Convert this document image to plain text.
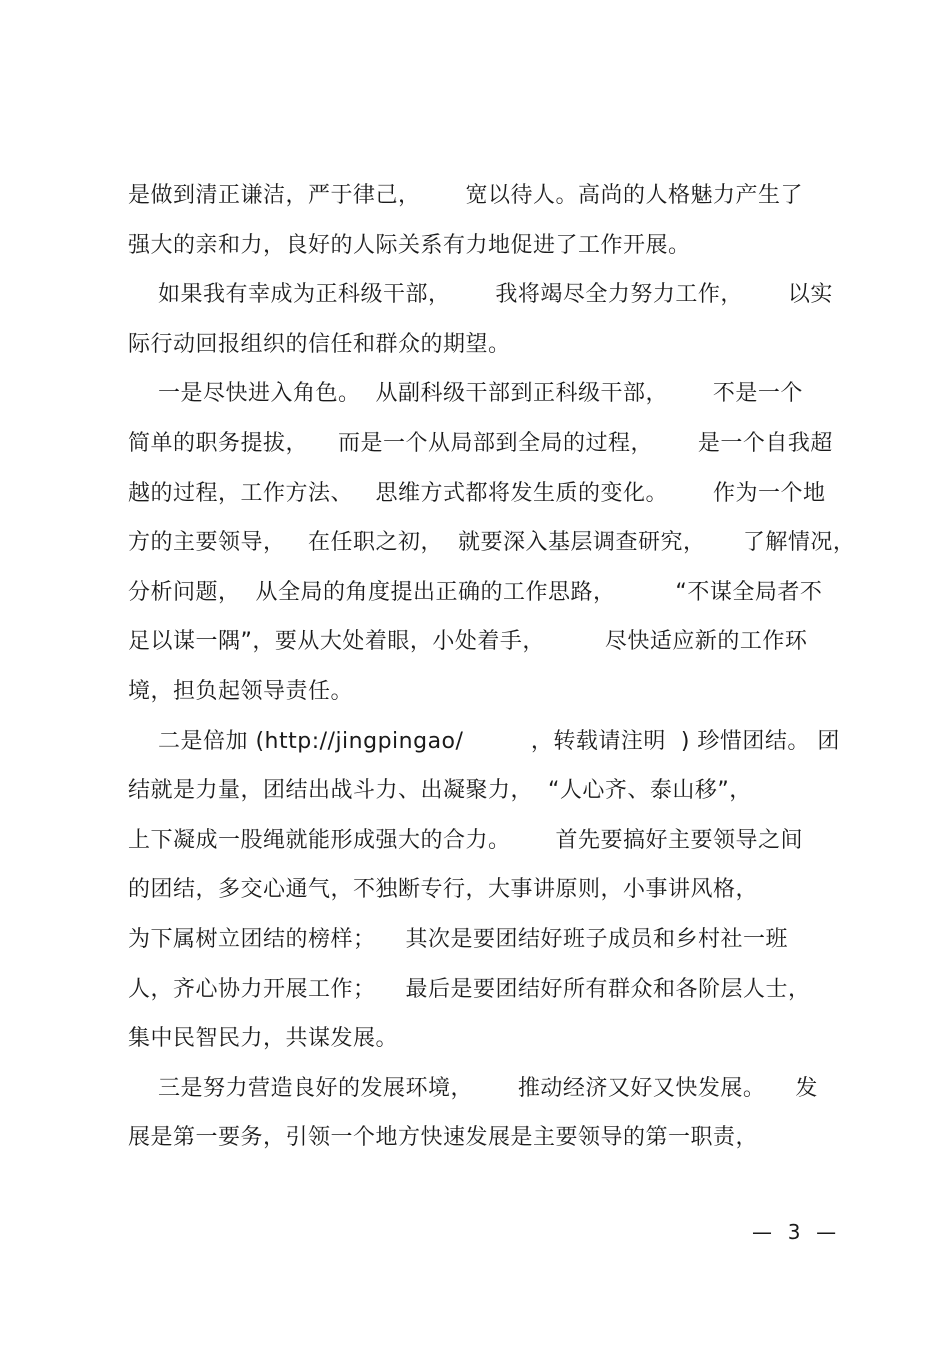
是做到清正谦洁，严于律己，      宽以待人。高尚的人格魅力产生了
强大的亲和力，良好的人际关系有力地促进了工作开展。
如果我有幸成为正科级干部，      我将竭尽全力努力工作，      以实
际行动回报组织的信任和群众的期望。
一是尽快进入角色。  从副科级干部到正科级干部，      不是一个
简单的职务提拔，    而是一个从局部到全局的过程，      是一个自我超
越的过程，工作方法、   思维方式都将发生质的变化。      作为一个地
方的主要领导，   在任职之初，  就要深入基层调查研究，     了解情况，
分析问题，  从全局的角度提出正确的工作思路，        “不谋全局者不
足以谋一隅”，要从大处着眼，小处着手，        尽快适应新的工作环
境，担负起领导责任。
二是倍加 (http://jingpingao/         ，转载请注明  ) 珍惜团结。 团
结就是力量，团结出战斗力、出凝聚力，  “人心齐、泰山移”，
上下凝成一股绳就能形成强大的合力。      首先要搞好主要领导之间
的团结，多交心通气，不独断专行，大事讲原则，小事讲风格，
为下属树立团结的榜样；    其次是要团结好班子成员和乡村社一班
人，齐心协力开展工作；    最后是要团结好所有群众和各阶层人士，
集中民智民力，共谋发展。
三是努力营造良好的发展环境，      推动经济又好又快发展。    发
展是第一要务，引领一个地方快速发展是主要领导的第一职责，
—  3  —
